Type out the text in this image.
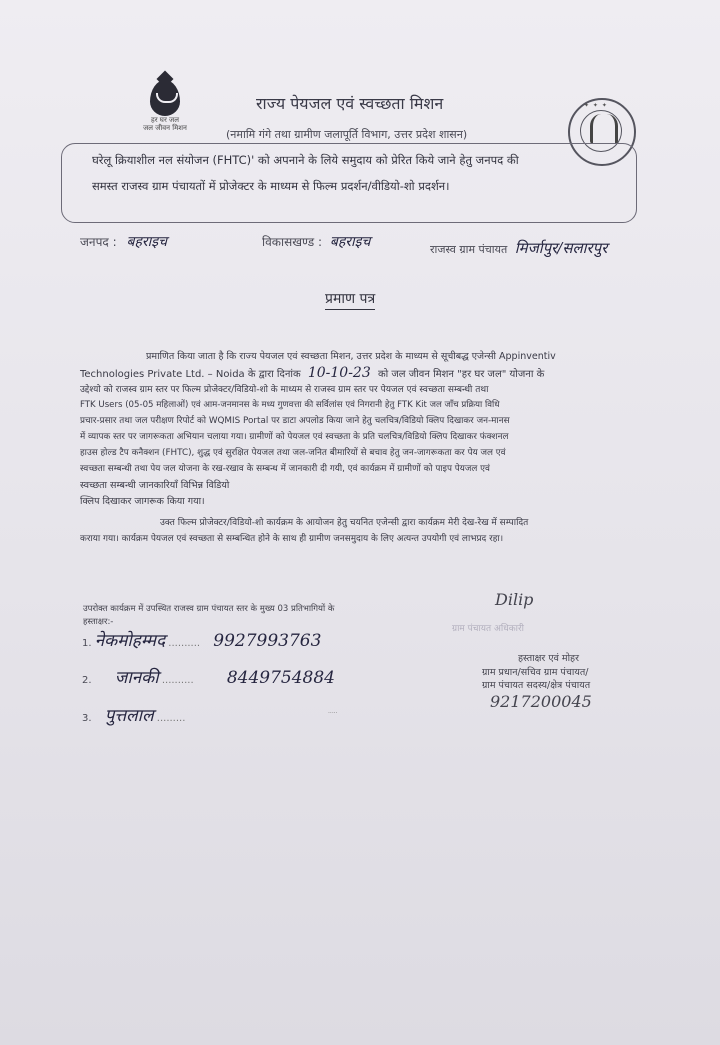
हर घर जल
जल जीवन मिशन
✦ ✦ ✦
राज्य पेयजल एवं स्वच्छता मिशन
(नमामि गंगे तथा ग्रामीण जलापूर्ति विभाग, उत्तर प्रदेश शासन)
घरेलू क्रियाशील नल संयोजन (FHTC)' को अपनाने के लिये समुदाय को प्रेरित किये जाने हेतु जनपद की
समस्त राजस्व ग्राम पंचायतों में प्रोजेक्टर के माध्यम से फिल्म प्रदर्शन/वीडियो-शो प्रदर्शन।
जनपद : बहराइच	विकासखण्ड : बहराइच	राजस्व ग्राम पंचायत मिर्जापुर/सलारपुर
प्रमाण पत्र
प्रमाणित किया जाता है कि राज्य पेयजल एवं स्वच्छता मिशन, उत्तर प्रदेश के माध्यम से सूचीबद्ध एजेन्सी Appinventiv
Technologies Private Ltd. – Noida के द्वारा दिनांक 10-10-23 को जल जीवन मिशन "हर घर जल" योजना के
उद्देश्यो को राजस्व ग्राम स्तर पर फिल्म प्रोजेक्टर/विडियो-शो के माध्यम से राजस्व ग्राम स्तर पर पेयजल एवं स्वच्छता सम्बन्धी तथा
FTK Users (05-05 महिलाओं) एवं आम-जनमानस के मध्य गुणवत्ता की सर्विलांस एवं निगरानी हेतु FTK Kit जल जाँच प्रक्रिया विधि
प्रचार-प्रसार तथा जल परीक्षण रिपोर्ट को WQMIS Portal पर डाटा अपलोड किया जाने हेतु चलचित्र/विडियो क्लिप दिखाकर जन-मानस
में व्यापक स्तर पर जागरूकता अभियान चलाया गया। ग्रामीणों को पेयजल एवं स्वच्छता के प्रति चलचित्र/विडियो क्लिप दिखाकर फंक्शनल
हाउस होल्ड टैप कनैक्शन (FHTC), शुद्ध एवं सुरक्षित पेयजल तथा जल-जनित बीमारियों से बचाव हेतु जन-जागरूकता कर पेय जल एवं
स्वच्छता सम्बन्धी तथा पेय जल योजना के रख-रखाव के सम्बन्ध में जानकारी दी गयी, एवं कार्यक्रम में ग्रामीणों को पाइप पेयजल एवं
स्वच्छता सम्बन्धी जानकारियाँ विभिन्न विडियो
क्लिप दिखाकर जागरूक किया गया।
उक्त फिल्म प्रोजेक्टर/विडियो-शो कार्यक्रम के आयोजन हेतु चयनित एजेन्सी द्वारा कार्यक्रम मेरी देख-रेख में सम्पादित
कराया गया। कार्यक्रम पेयजल एवं स्वच्छता से सम्बन्धित होने के साथ ही ग्रामीण जनसमुदाय के लिए अत्यन्त उपयोगी एवं लाभप्रद रहा।
उपरोक्त कार्यक्रम में उपस्थित राजस्व ग्राम पंचायत स्तर के मुख्य 03 प्रतिभागियों के
हस्ताक्षर:-
1. नेकमोहम्मद .......... 9927993763
2. जानकी .......... 8449754884
3. पुत्तलाल .........	·····
Dilip
ग्राम पंचायत अधिकारी
हस्ताक्षर एवं मोहर
ग्राम प्रधान/सचिव ग्राम पंचायत/
ग्राम पंचायत सदस्य/क्षेत्र पंचायत
9217200045
